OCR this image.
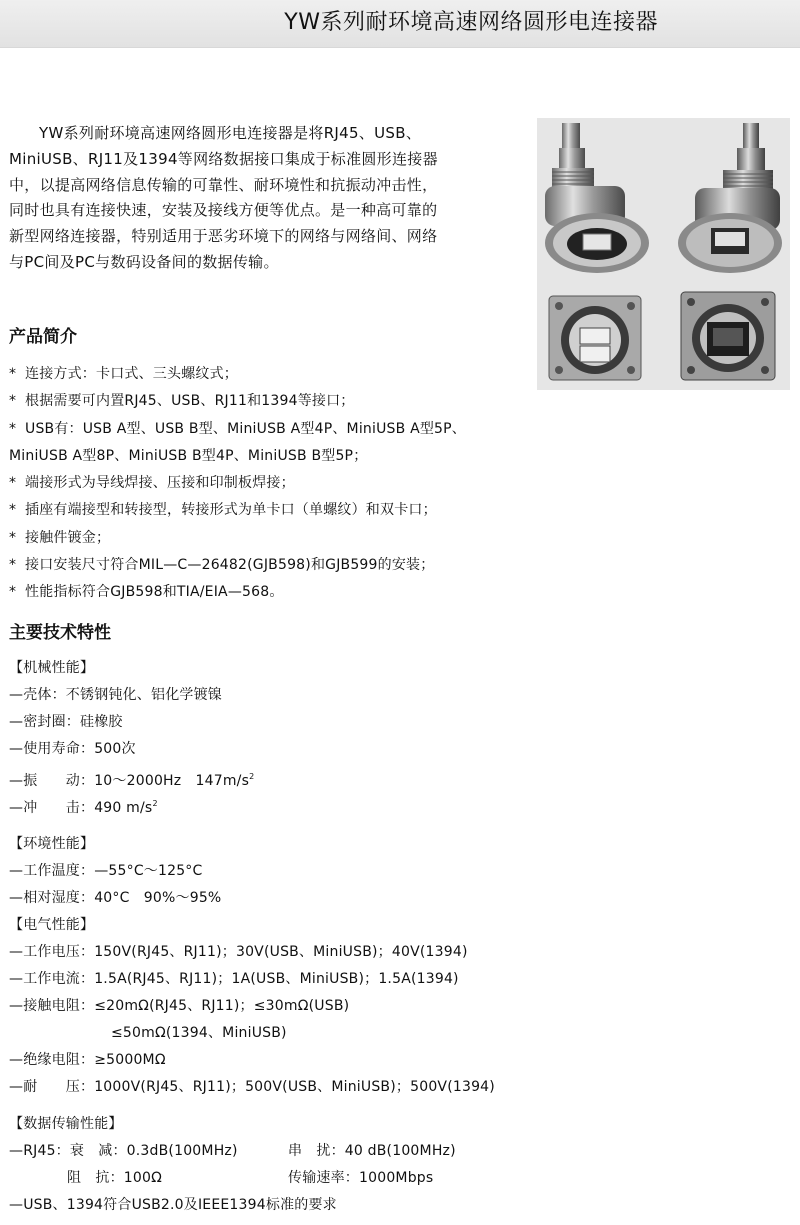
YW系列耐环境高速网络圆形电连接器

YW系列耐环境高速网络圆形电连接器是将RJ45、USB、MiniUSB、RJ11及1394等网络数据接口集成于标准圆形连接器中，以提高网络信息传输的可靠性、耐环境性和抗振动冲击性，同时也具有连接快速，安装及接线方便等优点。是一种高可靠的新型网络连接器，特别适用于恶劣环境下的网络与网络间、网络与PC间及PC与数码设备间的数据传输。

产品简介
* 连接方式：卡口式、三头螺纹式；
* 根据需要可内置RJ45、USB、RJ11和1394等接口；
* USB有：USB A型、USB B型、MiniUSB A型4P、MiniUSB A型5P、
MiniUSB A型8P、MiniUSB B型4P、MiniUSB B型5P；
* 端接形式为导线焊接、压接和印制板焊接；
* 插座有端接型和转接型，转接形式为单卡口（单螺纹）和双卡口；
* 接触件镀金；
* 接口安装尺寸符合MIL—C—26482(GJB598)和GJB599的安装；
* 性能指标符合GJB598和TIA/EIA—568。
主要技术特性
【机械性能】
—壳体：不锈钢钝化、铝化学镀镍
—密封圈：硅橡胶
—使用寿命：500次
—振　　动：10～2000Hz　$147m/s^2$
—冲　　击：490 $m/s^2$
【环境性能】
—工作温度：—55°C～125°C
—相对湿度：40°C　90%～95%
【电气性能】
—工作电压：150V(RJ45、RJ11)；30V(USB、MiniUSB)；40V(1394)
—工作电流：1.5A(RJ45、RJ11)；1A(USB、MiniUSB)；1.5A(1394)
—接触电阻：≤20mΩ(RJ45、RJ11)；≤30mΩ(USB)
≤50mΩ(1394、MiniUSB)
—绝缘电阻：≥5000MΩ
—耐　　压：1000V(RJ45、RJ11)；500V(USB、MiniUSB)；500V(1394)
【数据传输性能】
—RJ45：衰　减：0.3dB(100MHz)	串　扰：40 dB(100MHz)
阻　抗：100Ω	传输速率：1000Mbps
—USB、1394符合USB2.0及IEEE1394标准的要求
